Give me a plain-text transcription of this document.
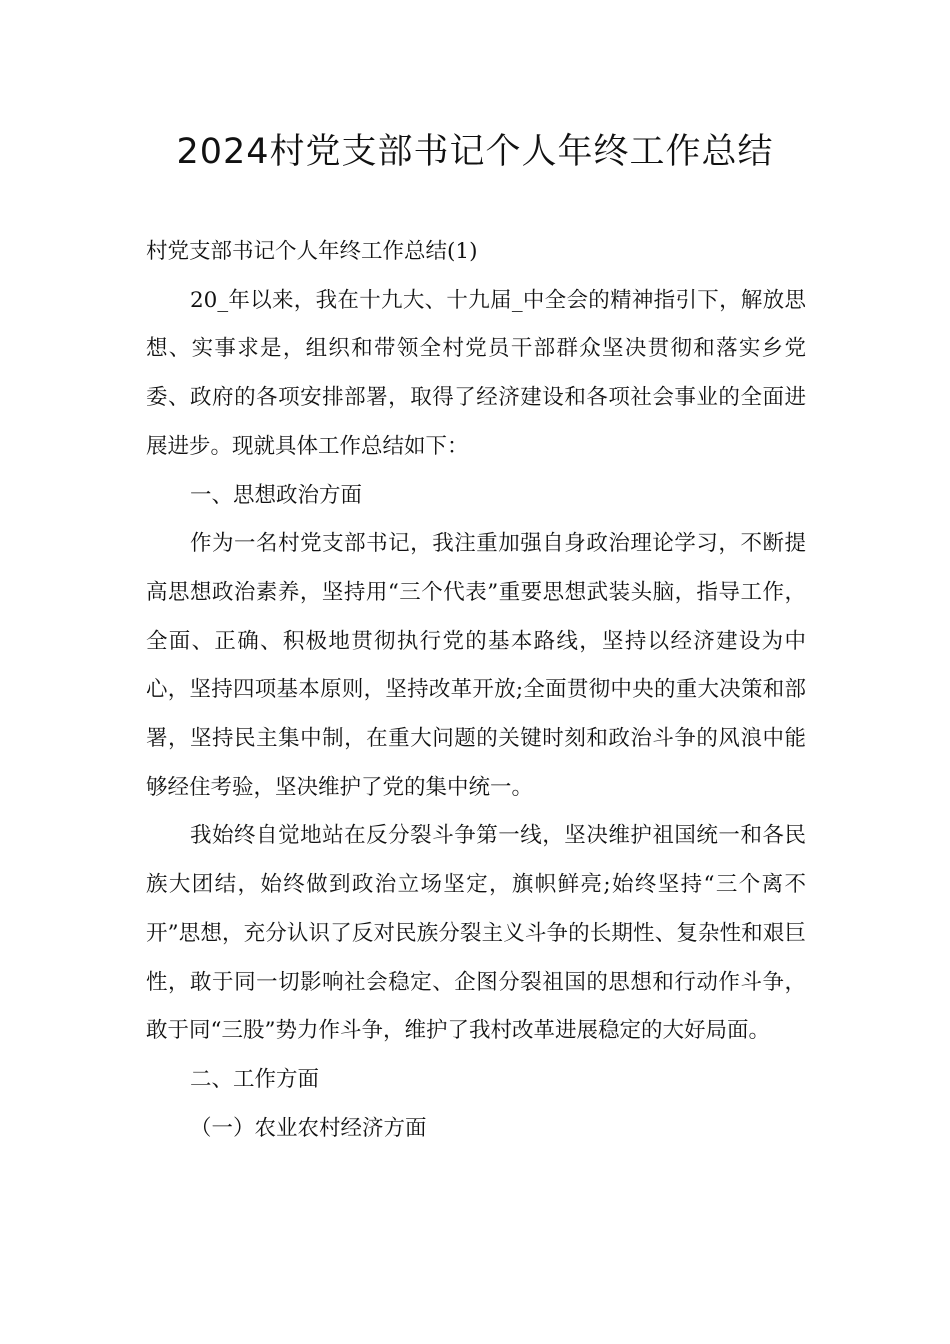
2024村党支部书记个人年终工作总结

村党支部书记个人年终工作总结(1)

20_年以来，我在十九大、十九届_中全会的精神指引下，解放思想、实事求是，组织和带领全村党员干部群众坚决贯彻和落实乡党委、政府的各项安排部署，取得了经济建设和各项社会事业的全面进展进步。现就具体工作总结如下：

一、思想政治方面

作为一名村党支部书记，我注重加强自身政治理论学习，不断提高思想政治素养，坚持用“三个代表”重要思想武装头脑，指导工作，全面、正确、积极地贯彻执行党的基本路线，坚持以经济建设为中心，坚持四项基本原则，坚持改革开放;全面贯彻中央的重大决策和部署，坚持民主集中制，在重大问题的关键时刻和政治斗争的风浪中能够经住考验，坚决维护了党的集中统一。

我始终自觉地站在反分裂斗争第一线，坚决维护祖国统一和各民族大团结，始终做到政治立场坚定，旗帜鲜亮;始终坚持“三个离不开”思想，充分认识了反对民族分裂主义斗争的长期性、复杂性和艰巨性，敢于同一切影响社会稳定、企图分裂祖国的思想和行动作斗争，敢于同“三股”势力作斗争，维护了我村改革进展稳定的大好局面。

二、工作方面

（一）农业农村经济方面
